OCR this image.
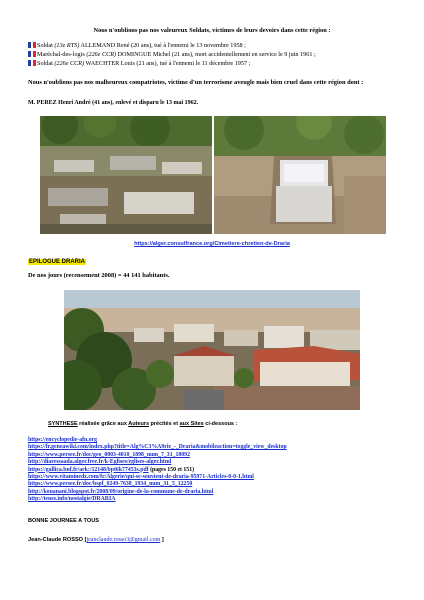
Nous n'oublions pas nos valeureux Soldats, victimes de leurs devoirs dans cette région :
Soldat (13e RTS) ALLEMAND René (20 ans), tué à l'ennemi le 13 novembre 1958 ;
Maréchal-des-logis (226e CCR) DOMINGUE Michel (21 ans), mort accidentellement en service le 9 juin 1961 ;
Soldat (226e CCR) WAECHTER Louis (21 ans), tué à l'ennemi le 11 décembre 1957 ;
Nous n'oublions pas nos malheureux compatriotes, victime d'un terrorisme aveugle mais bien cruel dans cette région dont :
M. PEREZ Henri André (41 ans), enlevé et disparu le 13 mai 1962.
https://alger.consulfrance.org/Cimetiere-chretien-de-Draria
EPILOGUE DRARIA
De nos jours (recensement 2008) = 44 141 habitants.
SYNTHESE réalisée grâce aux Auteurs précités et aux Sites ci-dessous :
https://encyclopedie-afn.org
https://fr.geneawiki.com/index.php?title=Alg%C3%A9rie_-_Draria&mobileaction=toggle_view_desktop
https://www.persee.fr/doc/geo_0003-4010_1898_num_7_31_18092
http://diaressaada.alger.free.fr/k-Eglises/eglises-alger.html
https://gallica.bnf.fr/ark:/12148/bpt6k77453s.pdf (pages 150 et 151)
https://www.vitaminedz.com/fr/Algerie/qui-se-souvient-de-draria-95971-Articles-0-0-1.html
https://www.persee.fr/doc/bspf_0249-7638_1934_num_31_5_12250
http://kouanani.blogspot.fr/2008/09/origine-de-la-commune-de-draria.html
http://tenes.info/nostalgie/DRARIA
BONNE JOURNEE A TOUS
Jean-Claude ROSSO [jeanclaude.rosso3@gmail.com ]
